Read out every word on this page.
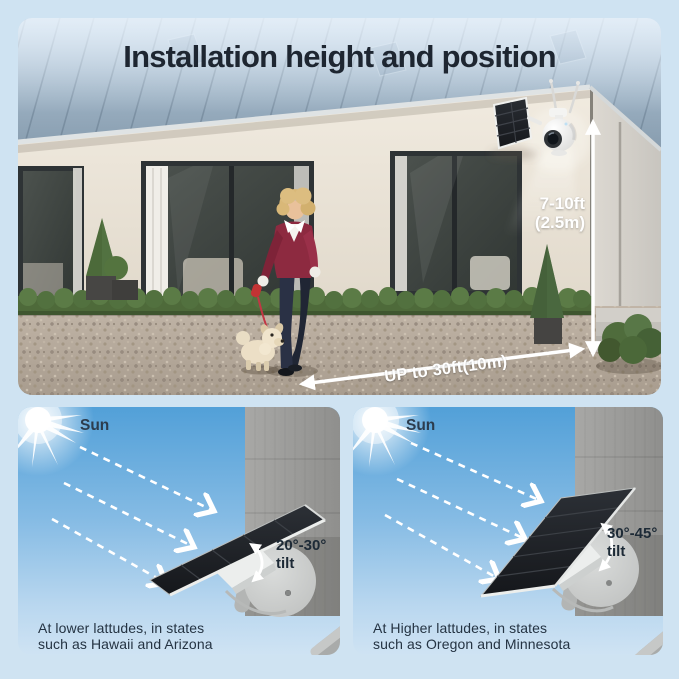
Installation height and position
7-10ft
(2.5m)
UP to 30ft(10m)
Sun
20°-30°
tilt
At lower lattudes, in states
such as Hawaii and Arizona
Sun
30°-45°
tilt
At Higher lattudes, in states
such as Oregon and Minnesota
